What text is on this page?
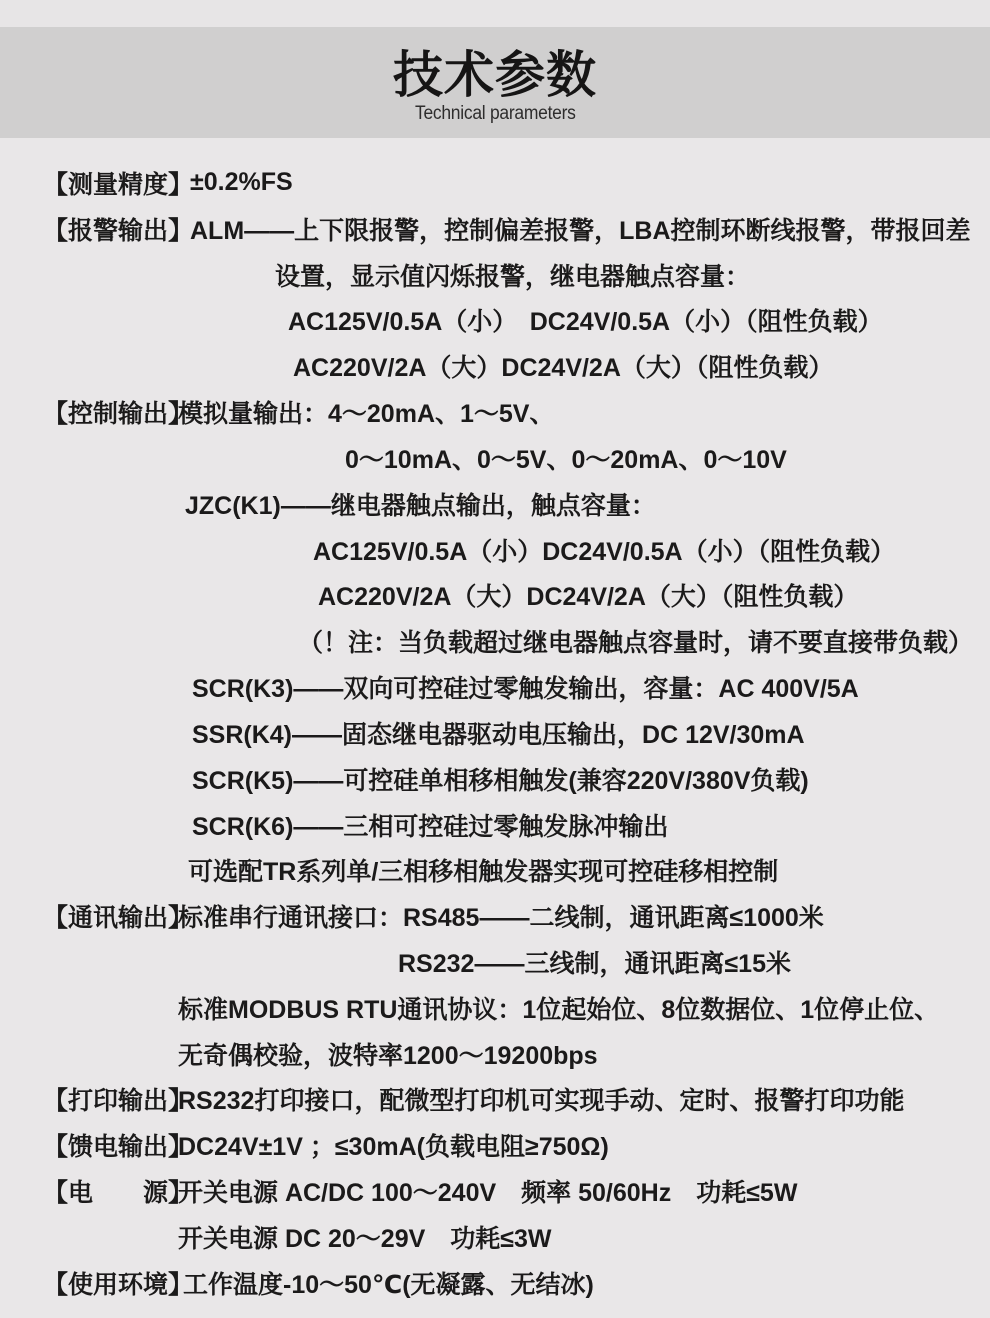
技术参数
Technical parameters
【测量精度】
±0.2%FS
【报警输出】
ALM——上下限报警，控制偏差报警，LBA控制环断线报警，带报回差
设置，显示值闪烁报警，继电器触点容量：
AC125V/0.5A（小）　DC24V/0.5A（小）（阻性负载）
AC220V/2A（大）DC24V/2A（大）（阻性负载）
【控制输出】
模拟量输出：4～20mA、1～5V、
0～10mA、0～5V、0～20mA、0～10V
JZC(K1)——继电器触点输出，触点容量：
AC125V/0.5A（小）DC24V/0.5A（小）（阻性负载）
AC220V/2A（大）DC24V/2A（大）（阻性负载）
（！注：当负载超过继电器触点容量时，请不要直接带负载）
SCR(K3)——双向可控硅过零触发输出，容量：AC 400V/5A
SSR(K4)——固态继电器驱动电压输出，DC 12V/30mA
SCR(K5)——可控硅单相移相触发(兼容220V/380V负载)
SCR(K6)——三相可控硅过零触发脉冲输出
可选配TR系列单/三相移相触发器实现可控硅移相控制
【通讯输出】
标准串行通讯接口：RS485——二线制，通讯距离≤1000米
RS232——三线制，通讯距离≤15米
标准MODBUS RTU通讯协议：1位起始位、8位数据位、1位停止位、
无奇偶校验，波特率1200～19200bps
【打印输出】
RS232打印接口，配微型打印机可实现手动、定时、报警打印功能
【馈电输出】
DC24V±1V ；≤30mA(负载电阻≥750Ω)
【电　　源】
开关电源 AC/DC 100～240V　频率 50/60Hz　功耗≤5W
开关电源 DC 20～29V　功耗≤3W
【使用环境】
工作温度-10～50℃(无凝露、无结冰)
